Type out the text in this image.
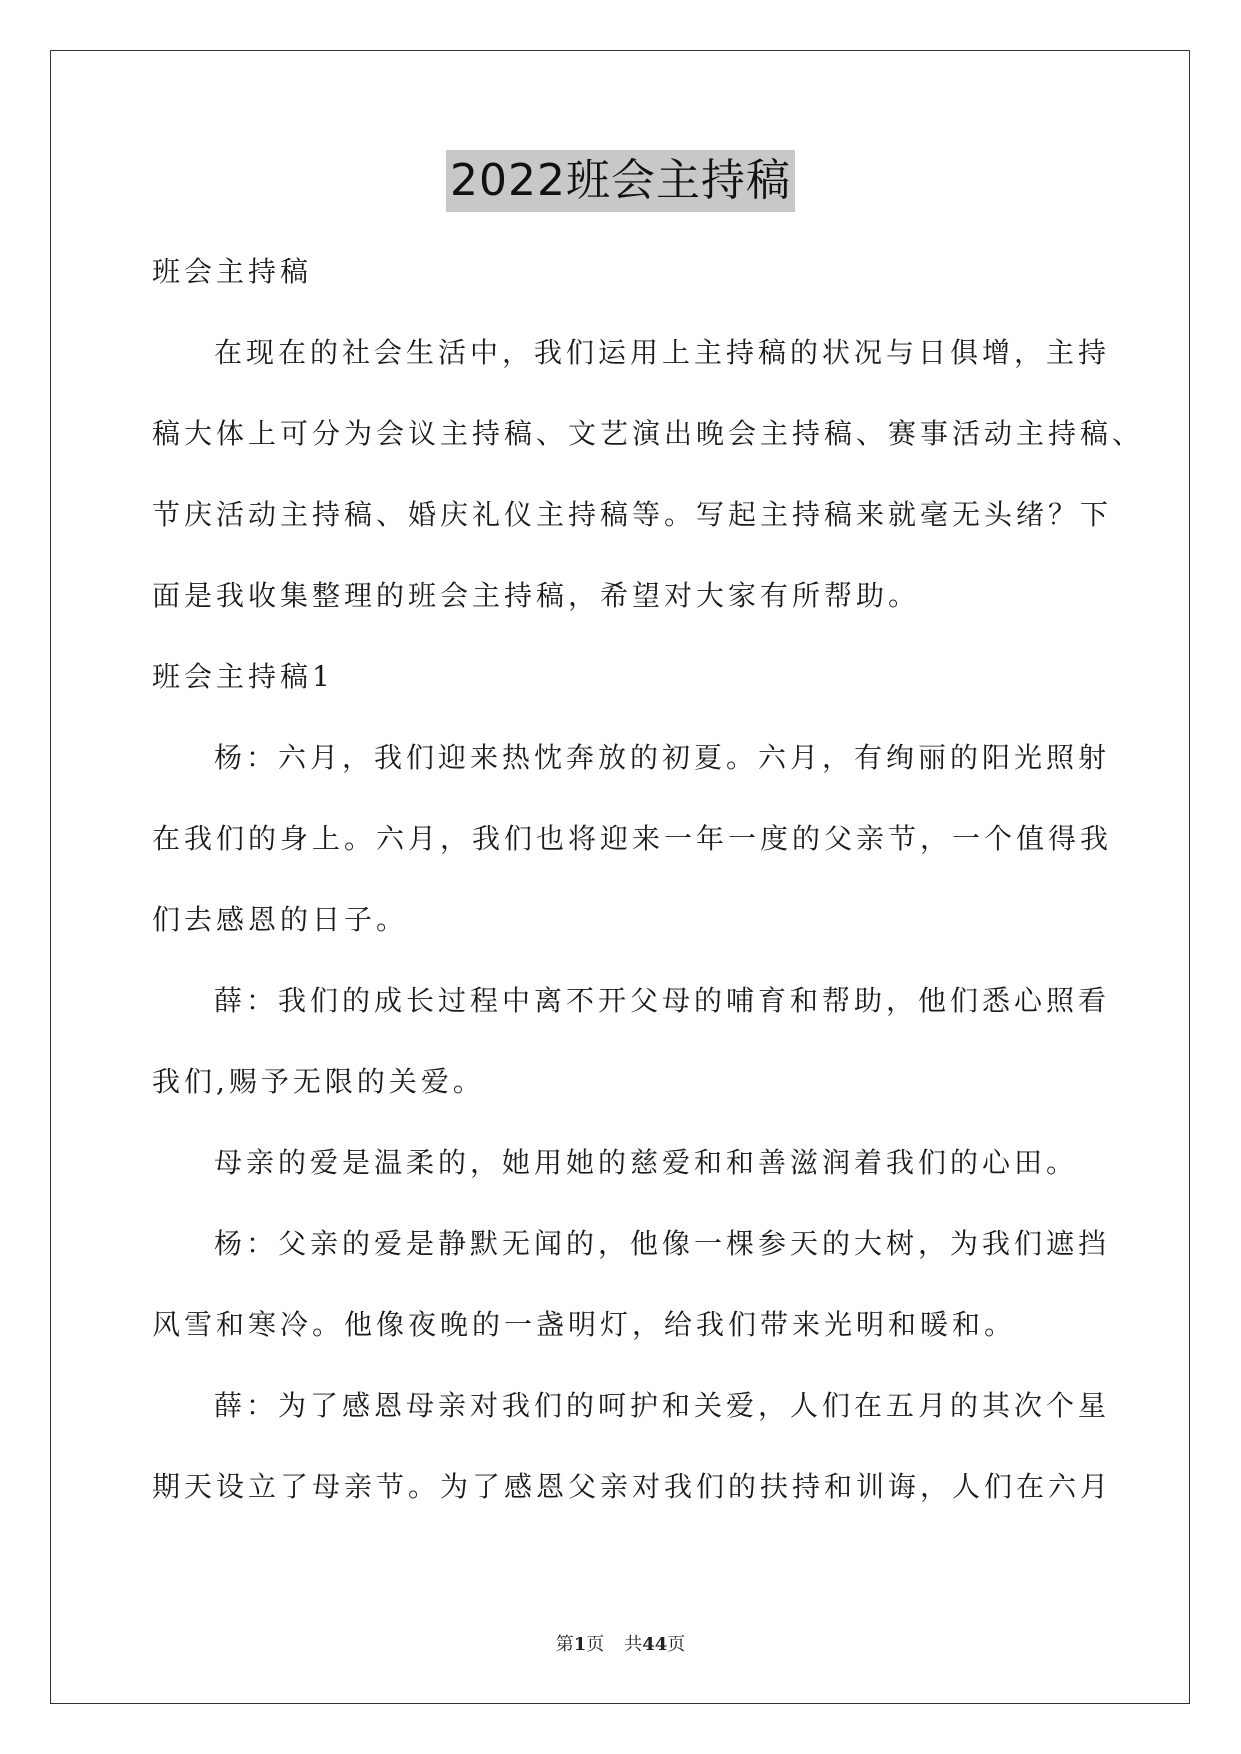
2022班会主持稿
班会主持稿
在现在的社会生活中，我们运用上主持稿的状况与日俱增，主持
稿大体上可分为会议主持稿、文艺演出晚会主持稿、赛事活动主持稿、
节庆活动主持稿、婚庆礼仪主持稿等。写起主持稿来就毫无头绪？下
面是我收集整理的班会主持稿，希望对大家有所帮助。
班会主持稿1
杨：六月，我们迎来热忱奔放的初夏。六月，有绚丽的阳光照射
在我们的身上。六月，我们也将迎来一年一度的父亲节，一个值得我
们去感恩的日子。
薛：我们的成长过程中离不开父母的哺育和帮助，他们悉心照看
我们,赐予无限的关爱。
母亲的爱是温柔的，她用她的慈爱和和善滋润着我们的心田。
杨：父亲的爱是静默无闻的，他像一棵参天的大树，为我们遮挡
风雪和寒冷。他像夜晚的一盏明灯，给我们带来光明和暖和。
薛：为了感恩母亲对我们的呵护和关爱，人们在五月的其次个星
期天设立了母亲节。为了感恩父亲对我们的扶持和训诲，人们在六月
第1页 共44页
